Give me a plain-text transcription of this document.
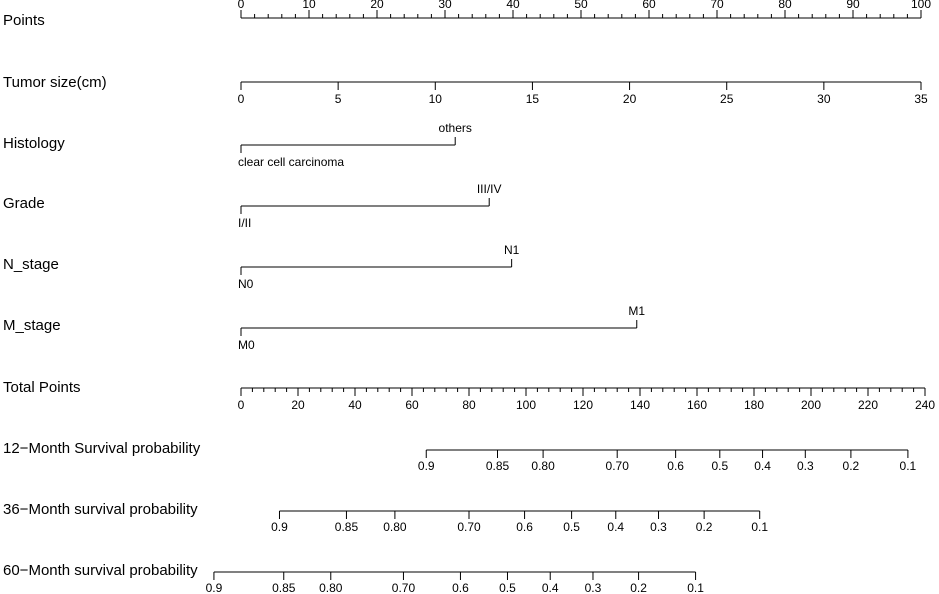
Points
0	10	20	30	40	50	60	70	80	90	100
Tumor size(cm)
0	5	10	15	20	25	30	35
Histology
clear cell carcinoma
others
Grade
I/II
III/IV
N_stage
N0
N1
M_stage
M0
M1
Total Points
0	20	40	60	80	100	120	140	160	180	200	220	240
12−Month Survival probability
0.9	0.85 0.80	0.70	0.6 0.5 0.4 0.3 0.2	0.1
36−Month survival probability
0.9	0.85 0.80	0.70	0.6	0.5 0.4 0.3 0.2	0.1
60−Month survival probability
0.9	0.85 0.80	0.70	0.6	0.5 0.4 0.3 0.2	0.1
